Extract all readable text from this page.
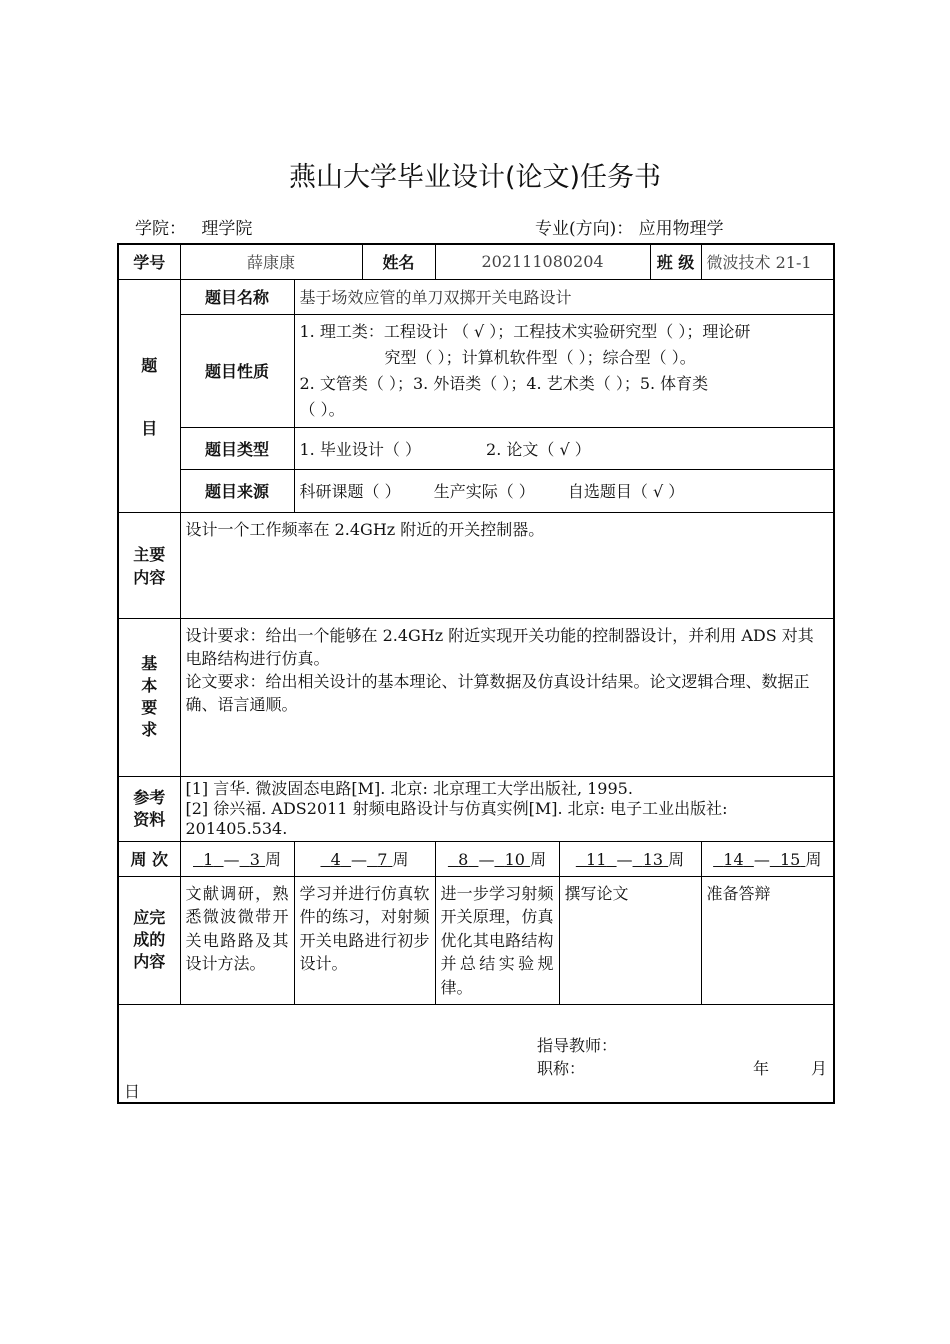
燕山大学毕业设计(论文)任务书
学院： 理学院	专业(方向)： 应用物理学
学号	薛康康		姓名	202111080204		班 级	微波技术 21-1

题
目	题目名称	基于场效应管的单刀双掷开关电路设计					
	题目性质	1. 理工类：工程设计 （ √ ）；工程技术实验研究型（ ）；理论研
究型（ ）；计算机软件型（ ）；综合型（ ）。
2. 文管类（ ）；3. 外语类（ ）；4. 艺术类（ ）；5. 体育类
（ ）。					

	题目类型	1. 毕业设计（ ） 2. 论文（ √ ）					
	题目来源	科研课题（ ） 生产实际（ ） 自选题目（ √ ）					
主要内容	设计一个工作频率在 2.4GHz 附近的开关控制器。						
基本要求	设计要求：给出一个能够在 2.4GHz 附近实现开关功能的控制器设计，并利用 ADS 对其电路结构进行仿真。
论文要求：给出相关设计的基本理论、计算数据及仿真设计结果。论文逻辑合理、数据正确、语言通顺。						

参考资料	[1] 言华. 微波固态电路[M]. 北京: 北京理工大学出版社, 1995.
[2] 徐兴福. ADS2011 射频电路设计与仿真实例[M]. 北京: 电子工业出版社: 201405.534.						

周 次	1 — 3 周	4 — 7 周		8 — 10 周	11 — 13 周		14 — 15 周
应完成的内容	文献调研，熟悉微波微带开关电路路及其设计方法。	学习并进行仿真软件的练习，对射频开关电路进行初步设计。		进一步学习射频开关原理，仿真优化其电路结构并总结实验规律。	撰写论文		准备答辩

指导教师：
职称： 年 月
日							
